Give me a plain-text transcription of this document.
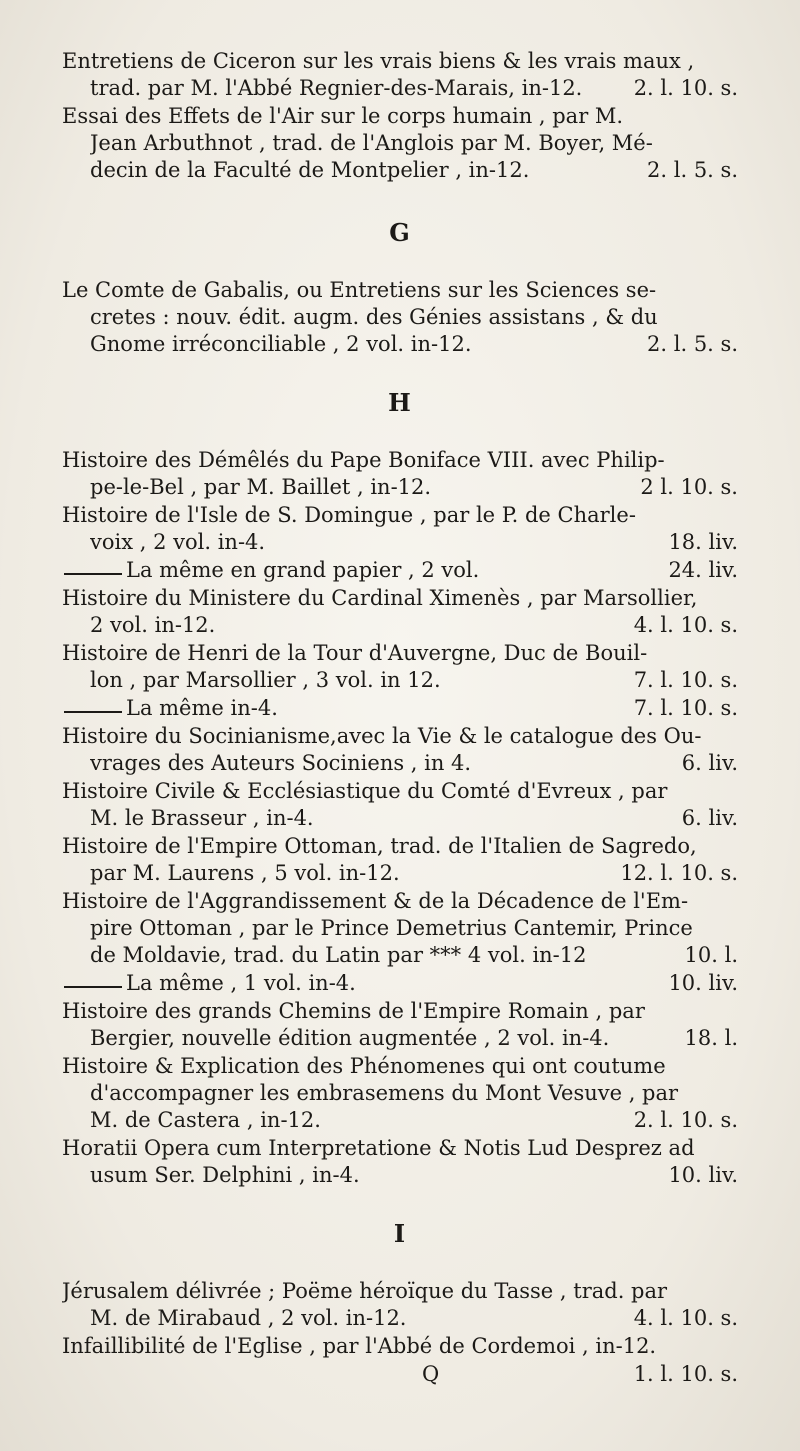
Entretiens de Ciceron sur les vrais biens & les vrais maux ,
trad. par M. l'Abbé Regnier-des-Marais, in-12.	2. l. 10. s.
Essai des Effets de l'Air sur le corps humain , par M.
Jean Arbuthnot , trad. de l'Anglois par M. Boyer, Mé-
decin de la Faculté de Montpelier , in-12.	2. l. 5. s.
G
Le Comte de Gabalis, ou Entretiens sur les Sciences se-
cretes : nouv. édit. augm. des Génies assistans , & du
Gnome irréconciliable , 2 vol. in-12.	2. l. 5. s.
H
Histoire des Démêlés du Pape Boniface VIII. avec Philip-
pe-le-Bel , par M. Baillet , in-12.	2 l. 10. s.
Histoire de l'Isle de S. Domingue , par le P. de Charle-
voix , 2 vol. in-4.	18. liv.
La même en grand papier , 2 vol.	24. liv.
Histoire du Ministere du Cardinal Ximenès , par Marsollier,
2 vol. in-12.	4. l. 10. s.
Histoire de Henri de la Tour d'Auvergne, Duc de Bouil-
lon , par Marsollier , 3 vol. in 12.	7. l. 10. s.
La même in-4.	7. l. 10. s.
Histoire du Socinianisme,avec la Vie & le catalogue des Ou-
vrages des Auteurs Sociniens , in 4.	6. liv.
Histoire Civile & Ecclésiastique du Comté d'Evreux , par
M. le Brasseur , in-4.	6. liv.
Histoire de l'Empire Ottoman, trad. de l'Italien de Sagredo,
par M. Laurens , 5 vol. in-12.	12. l. 10. s.
Histoire de l'Aggrandissement & de la Décadence de l'Em-
pire Ottoman , par le Prince Demetrius Cantemir, Prince
de Moldavie, trad. du Latin par *** 4 vol. in-12	10. l.
La même , 1 vol. in-4.	10. liv.
Histoire des grands Chemins de l'Empire Romain , par
Bergier, nouvelle édition augmentée , 2 vol. in-4.	18. l.
Histoire & Explication des Phénomenes qui ont coutume
d'accompagner les embrasemens du Mont Vesuve , par
M. de Castera , in-12.	2. l. 10. s.
Horatii Opera cum Interpretatione & Notis Lud Desprez ad
usum Ser. Delphini , in-4.	10. liv.
I
Jérusalem délivrée ; Poëme héroïque du Tasse , trad. par
M. de Mirabaud , 2 vol. in-12.	4. l. 10. s.
Infaillibilité de l'Eglise , par l'Abbé de Cordemoi , in-12.
Q	1. l. 10. s.
